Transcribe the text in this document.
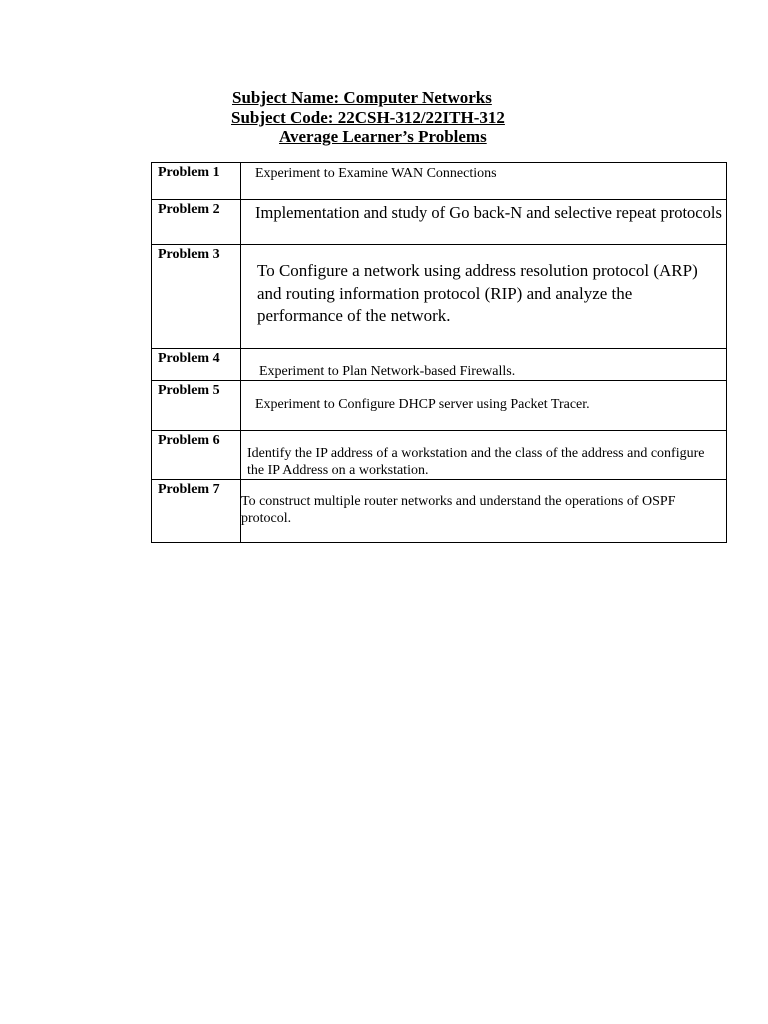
Subject Name: Computer Networks
Subject Code: 22CSH-312/22ITH-312
Average Learner’s Problems
Problem 1	Experiment to Examine WAN Connections

Problem 2	Implementation and study of Go back-N and selective repeat protocols

Problem 3	To Configure a network using address resolution protocol (ARP)     and routing information protocol (RIP) and analyze the performance of the network.

Problem 4	Experiment to Plan Network-based Firewalls.

Problem 5	Experiment to Configure DHCP server using Packet Tracer.

Problem 6	Identify the IP address of a workstation and the class of the address and configure the IP Address on a workstation.

Problem 7	To construct multiple router networks and understand the operations of OSPF protocol.
